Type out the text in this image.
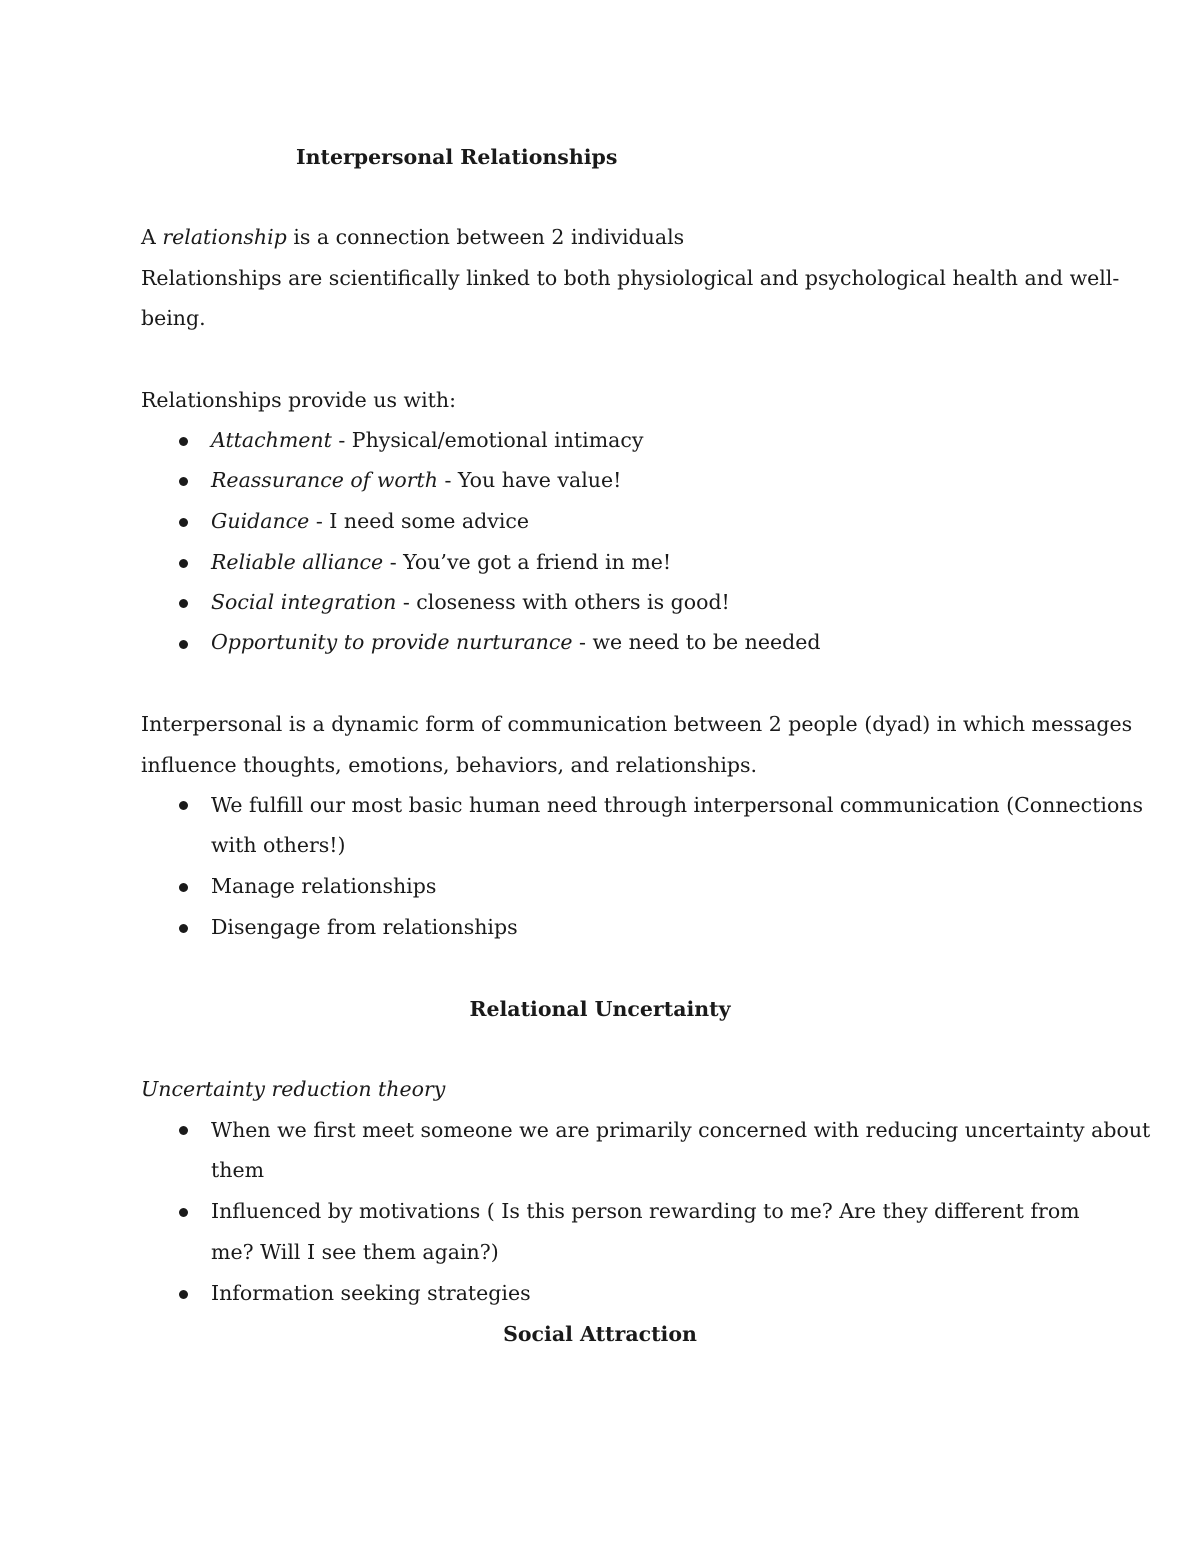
Interpersonal Relationships
A relationship is a connection between 2 individuals
Relationships are scientifically linked to both physiological and psychological health and well-
being.
Relationships provide us with:
Attachment - Physical/emotional intimacy
Reassurance of worth - You have value!
Guidance - I need some advice
Reliable alliance - You’ve got a friend in me!
Social integration - closeness with others is good!
Opportunity to provide nurturance - we need to be needed
Interpersonal is a dynamic form of communication between 2 people (dyad) in which messages
influence thoughts, emotions, behaviors, and relationships.
We fulfill our most basic human need through interpersonal communication (Connections
with others!)
Manage relationships
Disengage from relationships
Relational Uncertainty
Uncertainty reduction theory
When we first meet someone we are primarily concerned with reducing uncertainty about
them
Influenced by motivations ( Is this person rewarding to me? Are they different from
me? Will I see them again?)
Information seeking strategies
Social Attraction
